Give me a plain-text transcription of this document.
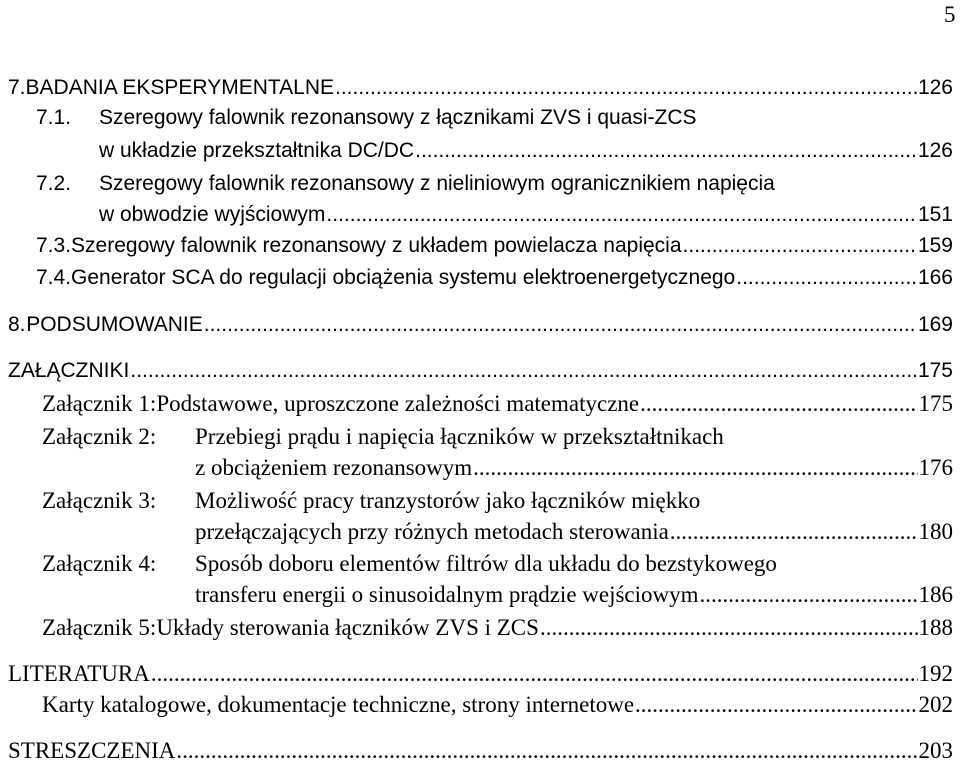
5
7. BADANIA EKSPERYMENTALNE .....	126
7.1.	Szeregowy falownik rezonansowy z łącznikami ZVS i quasi-ZCS
w układzie przekształtnika DC/DC .....	126
7.2.	Szeregowy falownik rezonansowy z nieliniowym ogranicznikiem napięcia
w obwodzie wyjściowym .....	151
7.3. Szeregowy falownik rezonansowy z układem powielacza napięcia .....	159
7.4. Generator SCA do regulacji obciążenia systemu elektroenergetycznego .....	166
8. PODSUMOWANIE .....	169
ZAŁĄCZNIKI .....	175
Załącznik 1: Podstawowe, uproszczone zależności matematyczne .....	175
Załącznik 2:	Przebiegi prądu i napięcia łączników w przekształtnikach
z obciążeniem rezonansowym .....	176
Załącznik 3:	Możliwość pracy tranzystorów jako łączników miękko
przełączających przy różnych metodach sterowania .....	180
Załącznik 4:	Sposób doboru elementów filtrów dla układu do bezstykowego
transferu energii o sinusoidalnym prądzie wejściowym .....	186
Załącznik 5: Układy sterowania łączników ZVS i ZCS .....	188
LITERATURA .....	192
Karty katalogowe, dokumentacje techniczne, strony internetowe .....	202
STRESZCZENIA .....	203
